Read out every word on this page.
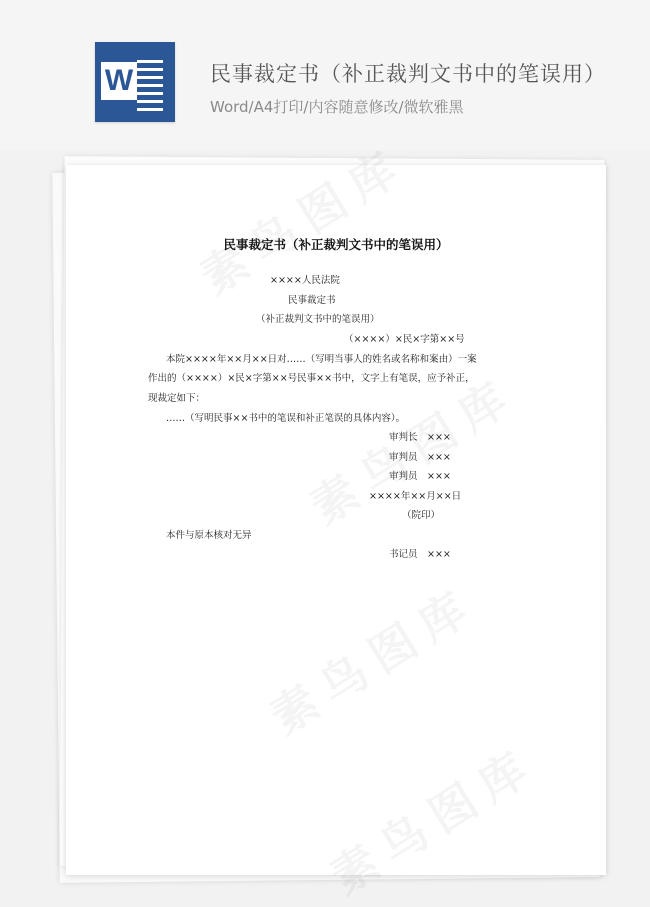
W	民事裁定书（补正裁判文书中的笔误用）
Word/A4打印/内容随意修改/微软雅黑
民事裁定书（补正裁判文书中的笔误用）
××××人民法院
民事裁定书
（补正裁判文书中的笔误用）
（××××）×民×字第××号
本院××××年××月××日对……（写明当事人的姓名或名称和案由）一案
作出的（××××）×民×字第××号民事××书中，文字上有笔误，应予补正，
现裁定如下：
……（写明民事××书中的笔误和补正笔误的具体内容）。
审判长　×××
审判员　×××
审判员　×××
××××年××月××日
（院印）
本件与原本核对无异
书记员　×××
